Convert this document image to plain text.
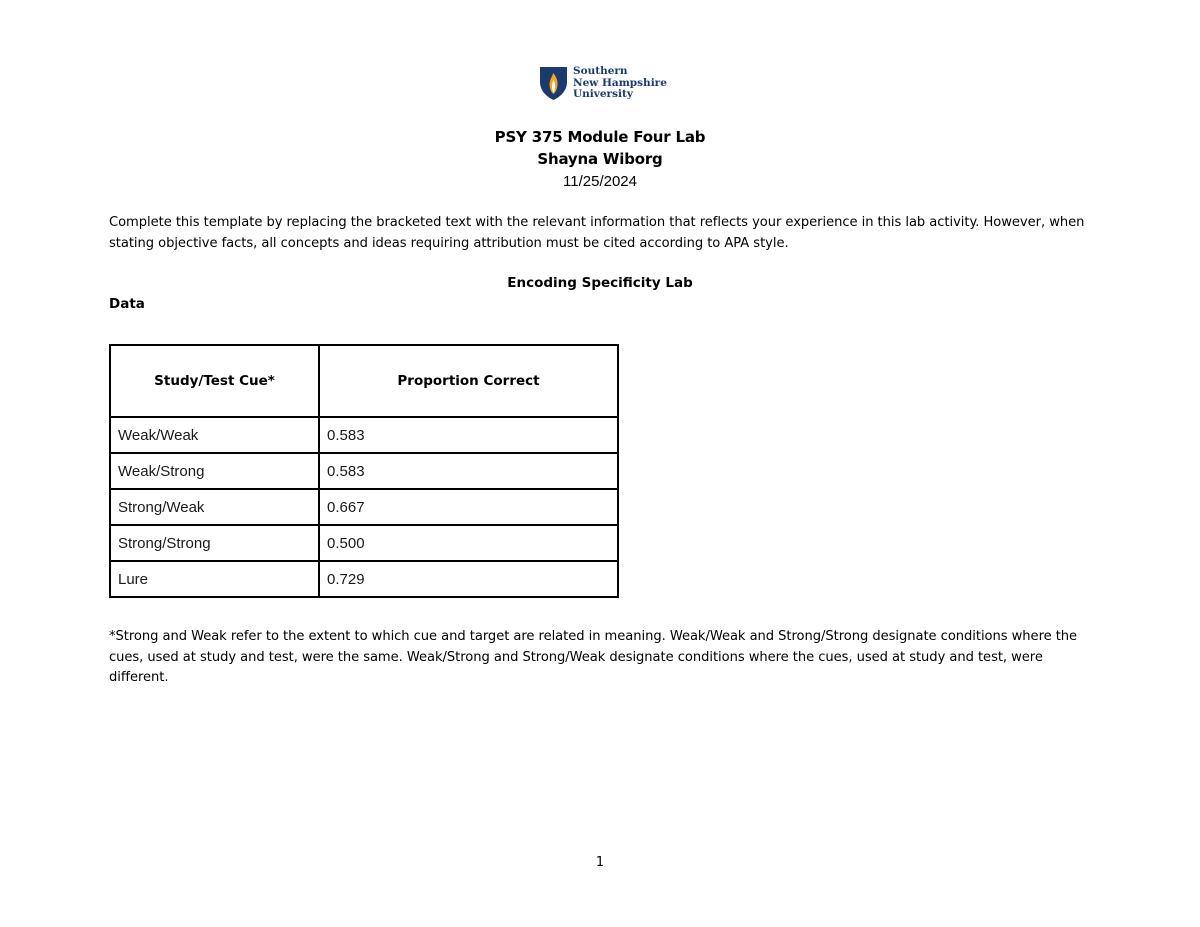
Southern
New Hampshire
University
PSY 375 Module Four Lab
Shayna Wiborg
11/25/2024
Complete this template by replacing the bracketed text with the relevant information that reflects your experience in this lab activity. However, when stating objective facts, all concepts and ideas requiring attribution must be cited according to APA style.
Encoding Specificity Lab
Data
Study/Test Cue*	Proportion Correct
Weak/Weak	0.583
Weak/Strong	0.583
Strong/Weak	0.667
Strong/Strong	0.500
Lure	0.729
*Strong and Weak refer to the extent to which cue and target are related in meaning. Weak/Weak and Strong/Strong designate conditions where the cues, used at study and test, were the same. Weak/Strong and Strong/Weak designate conditions where the cues, used at study and test, were different.
1
